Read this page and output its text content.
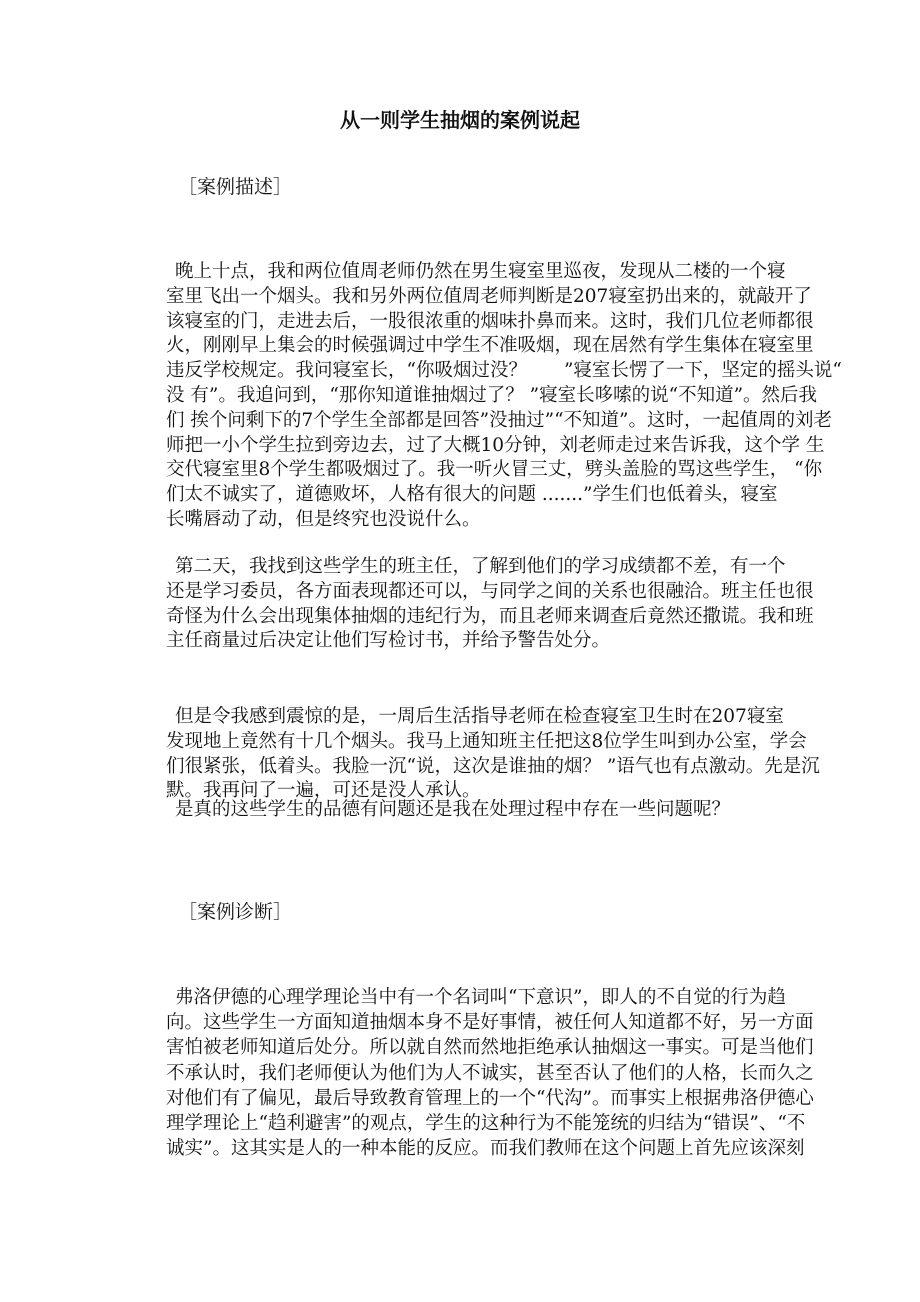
从一则学生抽烟的案例说起
［案例描述］
［案例诊断］
晚上十点，我和两位值周老师仍然在男生寝室里巡夜，发现从二楼的一个寝
室里飞出一个烟头。我和另外两位值周老师判断是207寝室扔出来的，就敲开了
该寝室的门，走进去后，一股很浓重的烟味扑鼻而来。这时，我们几位老师都很
火，刚刚早上集会的时候强调过中学生不准吸烟，现在居然有学生集体在寝室里
违反学校规定。我问寝室长，“你吸烟过没？　　”寝室长愣了一下，坚定的摇头说“
没 有”。我追问到，“那你知道谁抽烟过了？ ”寝室长哆嗦的说“不知道”。然后我
们 挨个问剩下的7个学生全部都是回答”没抽过”“不知道”。这时，一起值周的刘老
师把一小个学生拉到旁边去，过了大概10分钟，刘老师走过来告诉我，这个学 生
交代寝室里8个学生都吸烟过了。我一听火冒三丈，劈头盖脸的骂这些学生， “你
们太不诚实了，道德败坏，人格有很大的问题 .......”学生们也低着头，寝室
长嘴唇动了动，但是终究也没说什么。
第二天，我找到这些学生的班主任，了解到他们的学习成绩都不差，有一个
还是学习委员，各方面表现都还可以，与同学之间的关系也很融洽。班主任也很
奇怪为什么会出现集体抽烟的违纪行为，而且老师来调查后竟然还撒谎。我和班
主任商量过后决定让他们写检讨书，并给予警告处分。
但是令我感到震惊的是，一周后生活指导老师在检查寝室卫生时在207寝室
发现地上竟然有十几个烟头。我马上通知班主任把这8位学生叫到办公室，学会
们很紧张，低着头。我脸一沉“说，这次是谁抽的烟？ ”语气也有点激动。先是沉
默。我再问了一遍，可还是没人承认。
是真的这些学生的品德有问题还是我在处理过程中存在一些问题呢？
弗洛伊德的心理学理论当中有一个名词叫“下意识”，即人的不自觉的行为趋
向。这些学生一方面知道抽烟本身不是好事情，被任何人知道都不好，另一方面
害怕被老师知道后处分。所以就自然而然地拒绝承认抽烟这一事实。可是当他们
不承认时，我们老师便认为他们为人不诚实，甚至否认了他们的人格，长而久之
对他们有了偏见，最后导致教育管理上的一个“代沟”。而事实上根据弗洛伊德心
理学理论上“趋利避害”的观点，学生的这种行为不能笼统的归结为“错误”、“不
诚实”。这其实是人的一种本能的反应。而我们教师在这个问题上首先应该深刻
